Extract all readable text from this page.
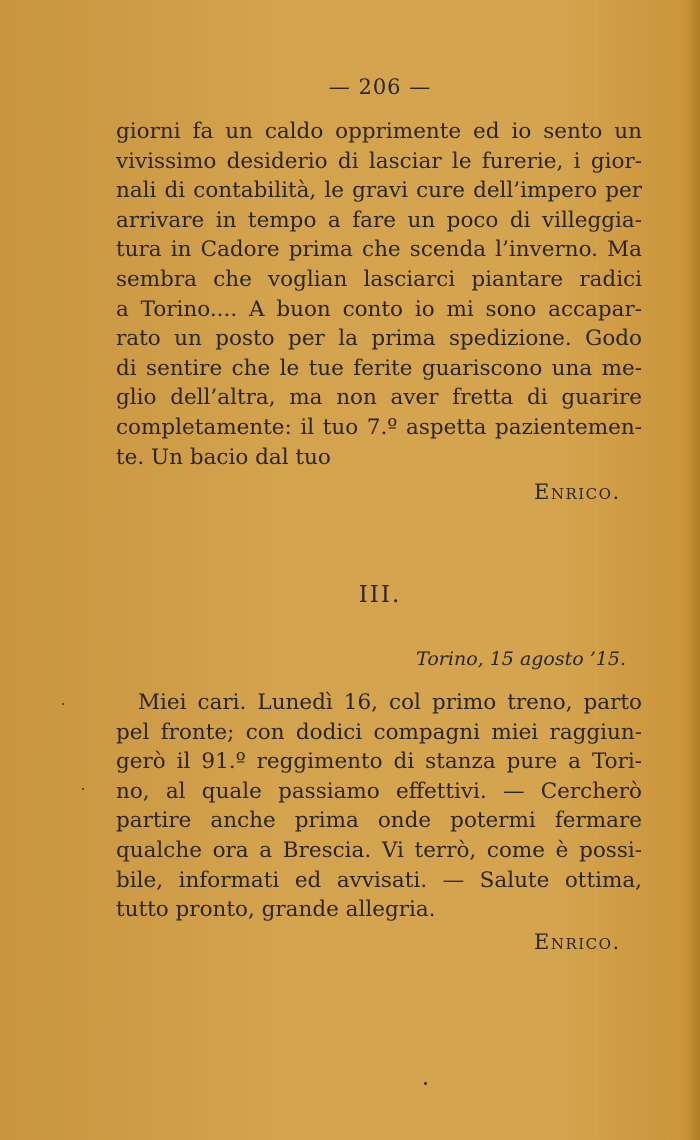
— 206 —
giorni fa un caldo opprimente ed io sento un
vivissimo desiderio di lasciar le furerie, i gior-
nali di contabilità, le gravi cure dell’impero per
arrivare in tempo a fare un poco di villeggia-
tura in Cadore prima che scenda l’inverno. Ma
sembra che voglian lasciarci piantare radici
a Torino.... A buon conto io mi sono accapar-
rato un posto per la prima spedizione. Godo
di sentire che le tue ferite guariscono una me-
glio dell’altra, ma non aver fretta di guarire
completamente: il tuo 7.º aspetta pazientemen-
te. Un bacio dal tuo
Enrico.
III.
Torino, 15 agosto ’15.
Miei cari. Lunedì 16, col primo treno, parto
pel fronte; con dodici compagni miei raggiun-
gerò il 91.º reggimento di stanza pure a Tori-
no, al quale passiamo effettivi. — Cercherò
partire anche prima onde potermi fermare
qualche ora a Brescia. Vi terrò, come è possi-
bile, informati ed avvisati. — Salute ottima,
tutto pronto, grande allegria.
Enrico.
